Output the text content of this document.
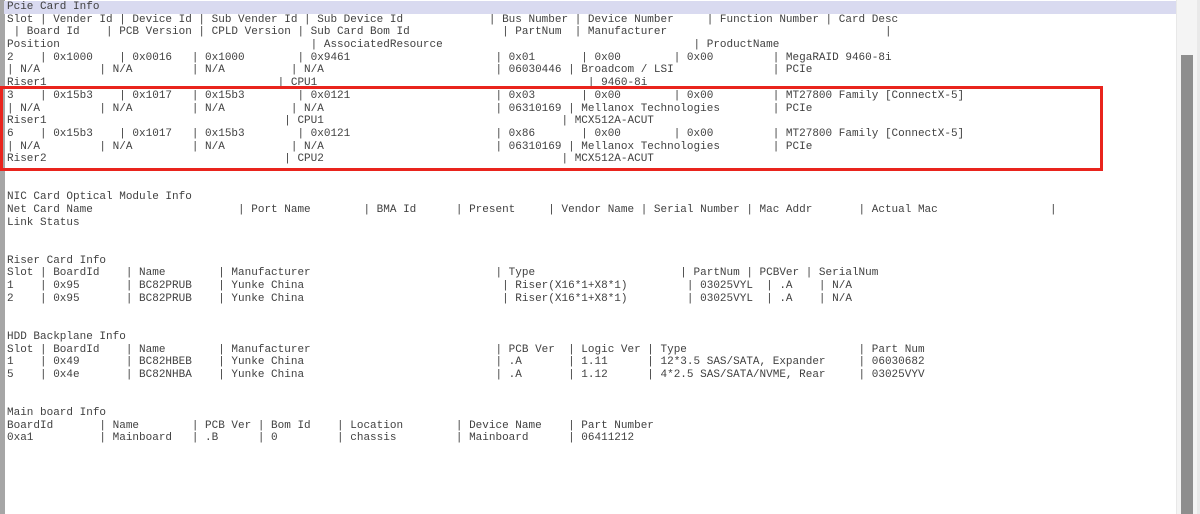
Pcie Card Info
Slot | Vender Id | Device Id | Sub Vender Id | Sub Device Id             | Bus Number | Device Number     | Function Number | Card Desc
| Board Id    | PCB Version | CPLD Version | Sub Card Bom Id              | PartNum  | Manufacturer                                 |
Position                                      | AssociatedResource                                      | ProductName
2    | 0x1000    | 0x0016   | 0x1000        | 0x9461                      | 0x01       | 0x00        | 0x00         | MegaRAID 9460-8i
| N/A         | N/A         | N/A          | N/A                          | 06030446 | Broadcom / LSI               | PCIe
Riser1                                   | CPU1                                         | 9460-8i
3    | 0x15b3    | 0x1017   | 0x15b3        | 0x0121                      | 0x03       | 0x00        | 0x00         | MT27800 Family [ConnectX-5]
| N/A         | N/A         | N/A          | N/A                          | 06310169 | Mellanox Technologies        | PCIe
Riser1                                    | CPU1                                    | MCX512A-ACUT
6    | 0x15b3    | 0x1017   | 0x15b3        | 0x0121                      | 0x86       | 0x00        | 0x00         | MT27800 Family [ConnectX-5]
| N/A         | N/A         | N/A          | N/A                          | 06310169 | Mellanox Technologies        | PCIe
Riser2                                    | CPU2                                    | MCX512A-ACUT
NIC Card Optical Module Info
Net Card Name                      | Port Name        | BMA Id      | Present     | Vendor Name | Serial Number | Mac Addr       | Actual Mac                 |
Link Status
Riser Card Info
Slot | BoardId    | Name        | Manufacturer                            | Type                      | PartNum | PCBVer | SerialNum
1    | 0x95       | BC82PRUB    | Yunke China                              | Riser(X16*1+X8*1)         | 03025VYL  | .A    | N/A
2    | 0x95       | BC82PRUB    | Yunke China                              | Riser(X16*1+X8*1)         | 03025VYL  | .A    | N/A
HDD Backplane Info
Slot | BoardId    | Name        | Manufacturer                            | PCB Ver  | Logic Ver | Type                          | Part Num
1    | 0x49       | BC82HBEB    | Yunke China                             | .A       | 1.11      | 12*3.5 SAS/SATA, Expander     | 06030682
5    | 0x4e       | BC82NHBA    | Yunke China                             | .A       | 1.12      | 4*2.5 SAS/SATA/NVME, Rear     | 03025VYV
Main board Info
BoardId       | Name        | PCB Ver | Bom Id    | Location        | Device Name    | Part Number
0xa1          | Mainboard   | .B      | 0         | chassis         | Mainboard      | 06411212
